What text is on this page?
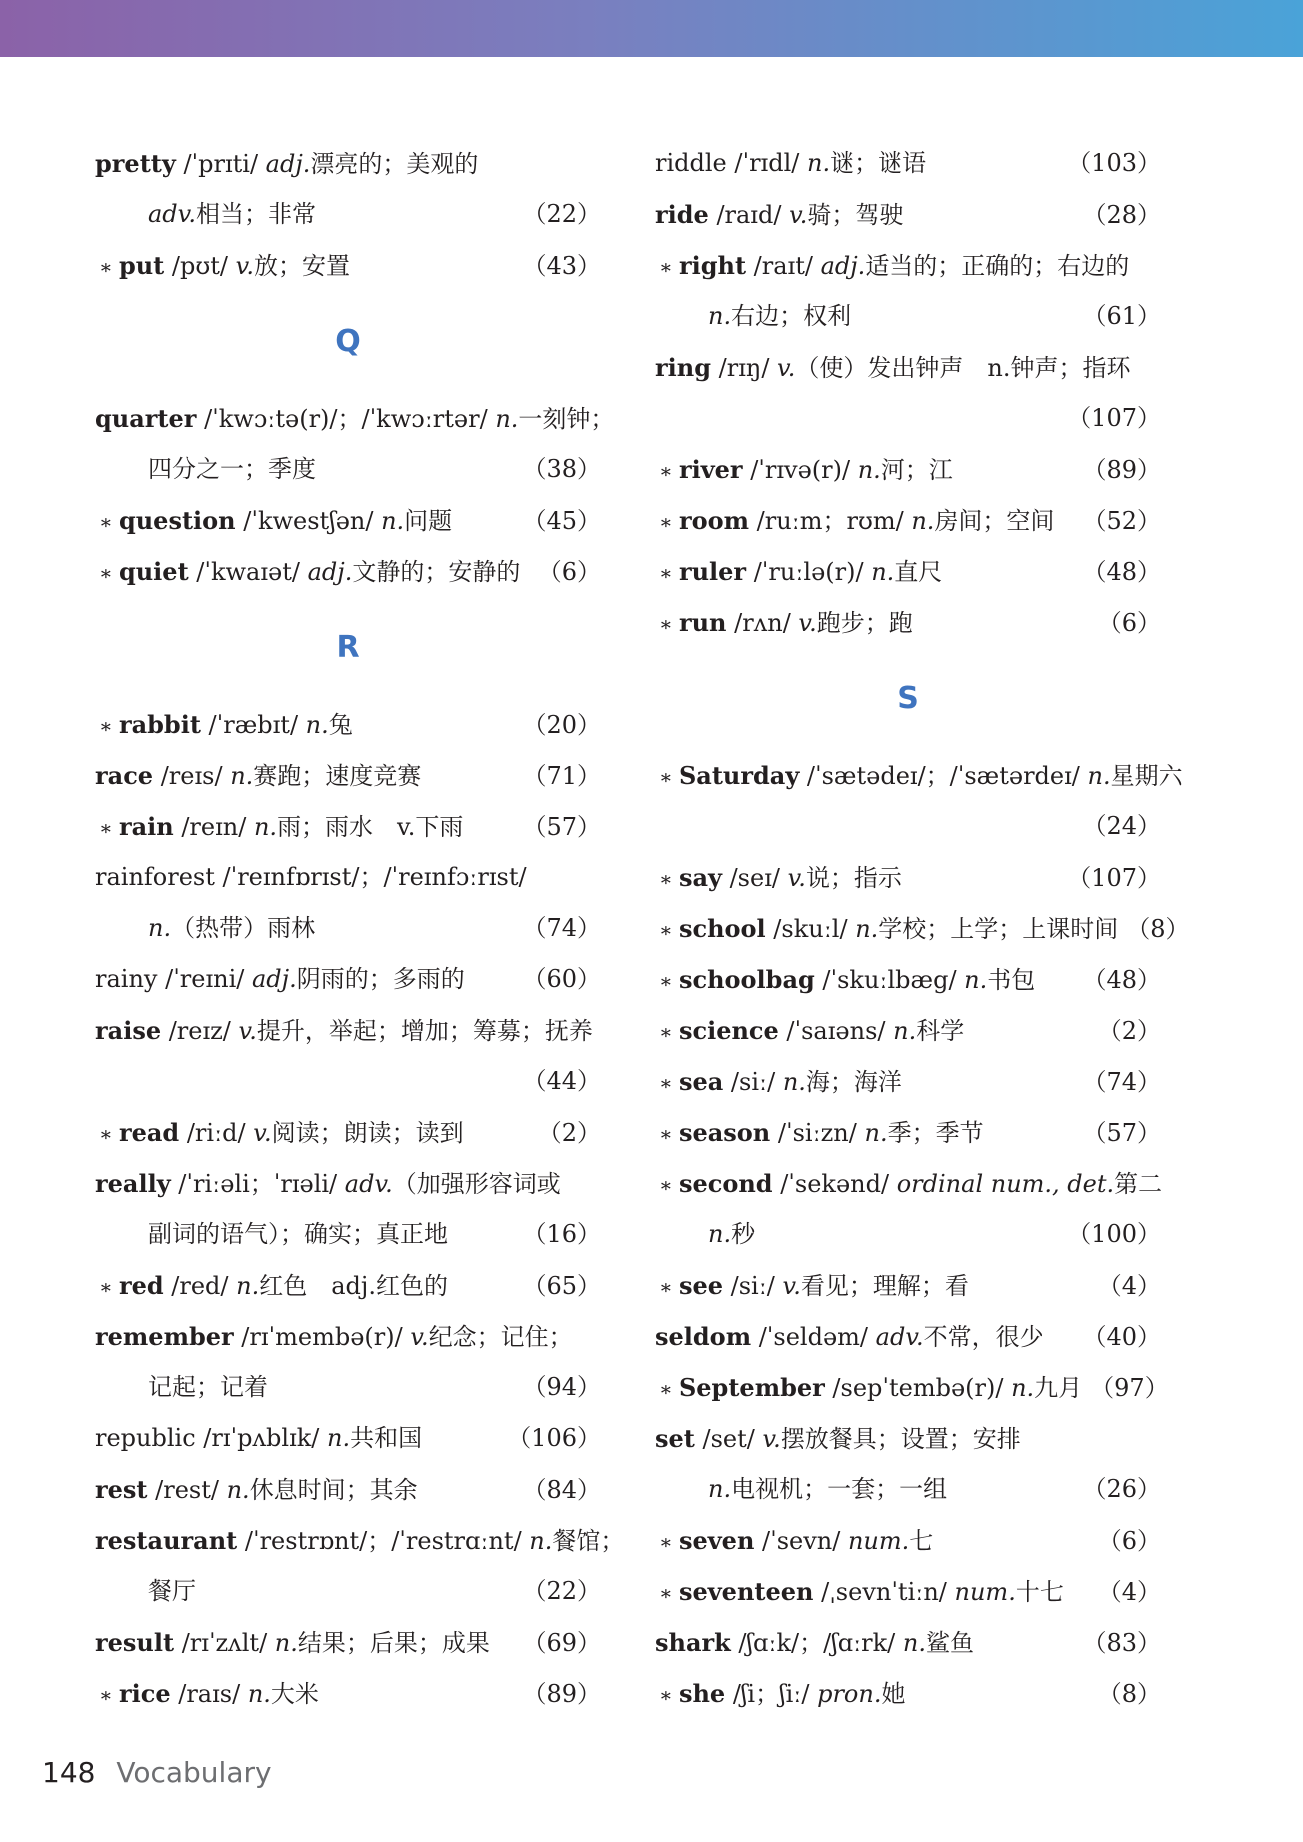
pretty /ˈprɪti/ adj.漂亮的；美观的
adv.相当；非常	（22）
∗ put /pʊt/ v.放；安置	（43）
Q
quarter /ˈkwɔːtə(r)/；/ˈkwɔːrtər/ n.一刻钟；
四分之一；季度	（38）
∗ question /ˈkwestʃən/ n.问题	（45）
∗ quiet /ˈkwaɪət/ adj.文静的；安静的 （6）
R
∗ rabbit /ˈræbɪt/ n.兔	（20）
race /reɪs/ n.赛跑；速度竞赛	（71）
∗ rain /reɪn/ n.雨；雨水　v.下雨	（57）
rainforest /ˈreɪnfɒrɪst/；/ˈreɪnfɔːrɪst/
n.（热带）雨林	（74）
rainy /ˈreɪni/ adj.阴雨的；多雨的	（60）
raise /reɪz/ v.提升，举起；增加；筹募；抚养
（44）
∗ read /riːd/ v.阅读；朗读；读到	（2）
really /ˈriːəli；ˈrɪəli/ adv.（加强形容词或
副词的语气）；确实；真正地	（16）
∗ red /red/ n.红色　adj.红色的	（65）
remember /rɪˈmembə(r)/ v.纪念；记住；
记起；记着	（94）
republic /rɪˈpʌblɪk/ n.共和国	（106）
rest /rest/ n.休息时间；其余	（84）
restaurant /ˈrestrɒnt/；/ˈrestrɑːnt/ n.餐馆；
餐厅	（22）
result /rɪˈzʌlt/ n.结果；后果；成果	（69）
∗ rice /raɪs/ n.大米	（89）
riddle /ˈrɪdl/ n.谜；谜语	（103）
ride /raɪd/ v.骑；驾驶	（28）
∗ right /raɪt/ adj.适当的；正确的；右边的
n.右边；权利	（61）
ring /rɪŋ/ v.（使）发出钟声　n.钟声；指环
（107）
∗ river /ˈrɪvə(r)/ n.河；江	（89）
∗ room /ruːm；rʊm/ n.房间；空间	（52）
∗ ruler /ˈruːlə(r)/ n.直尺	（48）
∗ run /rʌn/ v.跑步；跑	（6）
S
∗ Saturday /ˈsætədeɪ/；/ˈsætərdeɪ/ n.星期六
（24）
∗ say /seɪ/ v.说；指示	（107）
∗ school /skuːl/ n.学校；上学；上课时间 （8）
∗ schoolbag /ˈskuːlbæg/ n.书包	（48）
∗ science /ˈsaɪəns/ n.科学	（2）
∗ sea /siː/ n.海；海洋	（74）
∗ season /ˈsiːzn/ n.季；季节	（57）
∗ second /ˈsekənd/ ordinal num., det.第二
n.秒	（100）
∗ see /siː/ v.看见；理解；看	（4）
seldom /ˈseldəm/ adv.不常，很少	（40）
∗ September /sepˈtembə(r)/ n.九月 （97）
set /set/ v.摆放餐具；设置；安排
n.电视机；一套；一组	（26）
∗ seven /ˈsevn/ num.七	（6）
∗ seventeen /ˌsevnˈtiːn/ num.十七	（4）
shark /ʃɑːk/；/ʃɑːrk/ n.鲨鱼	（83）
∗ she /ʃi；ʃiː/ pron.她	（8）
148 Vocabulary
